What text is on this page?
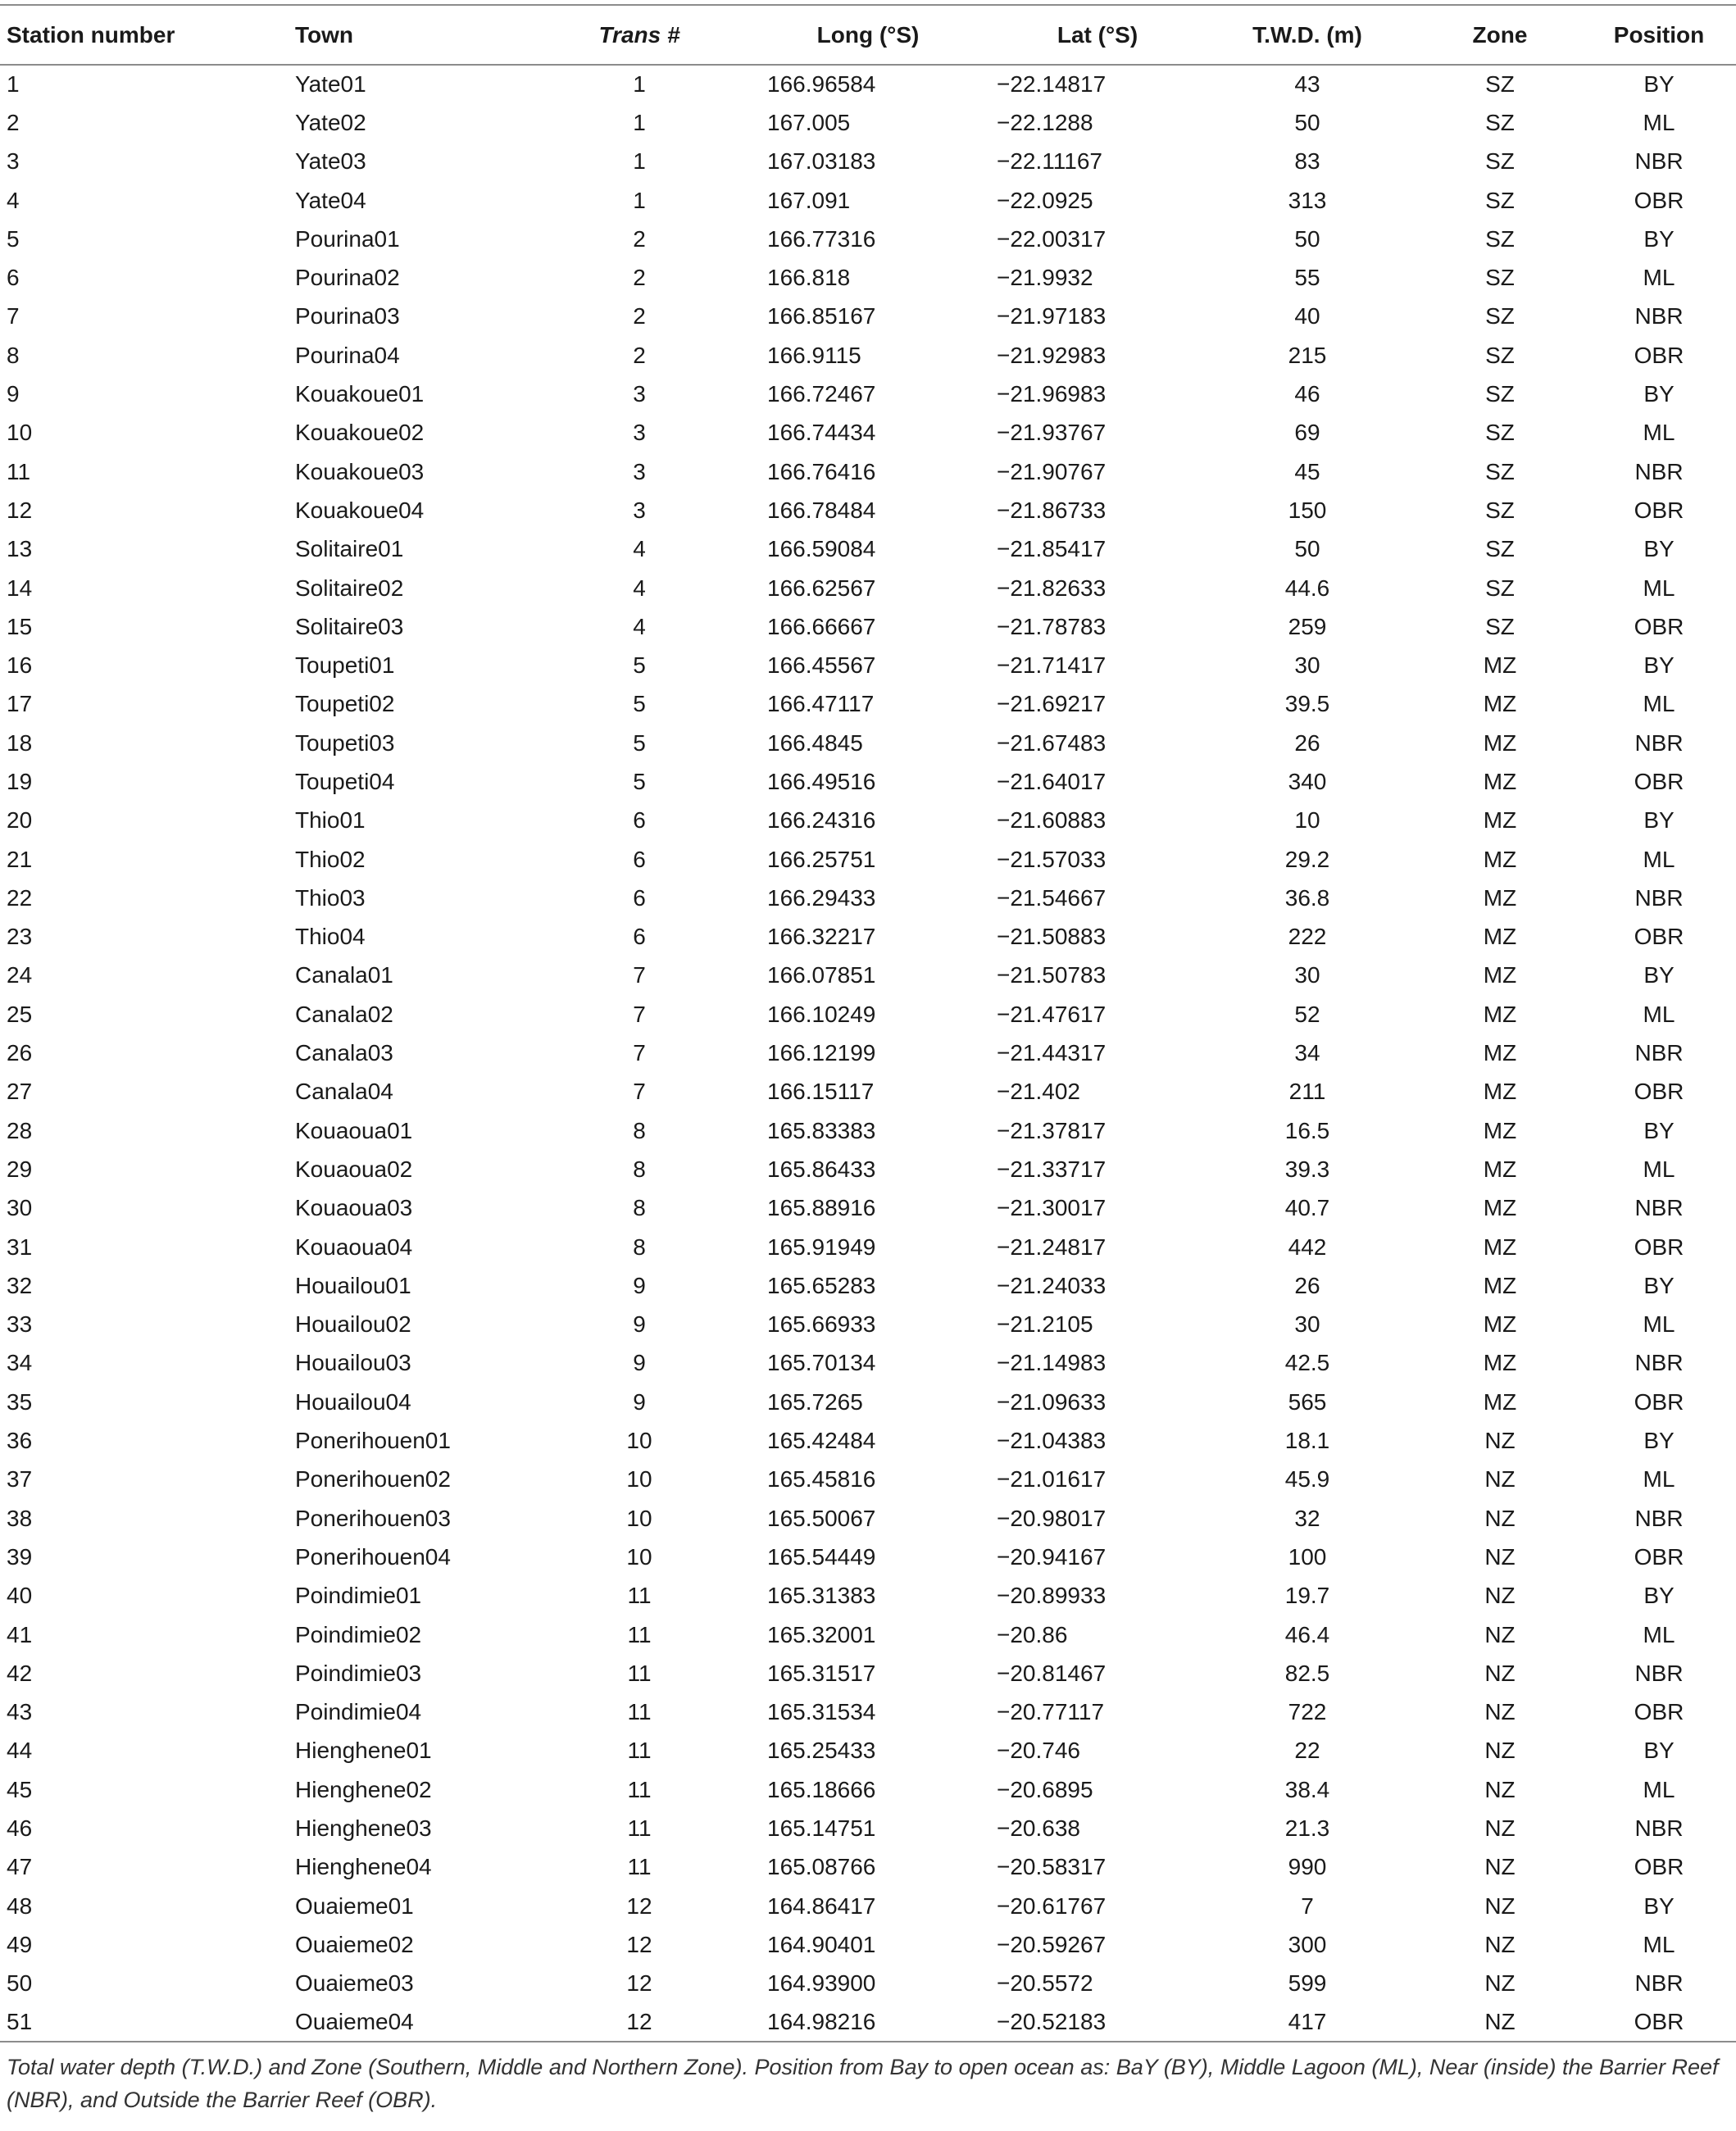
Station number	Town	Trans #	Long (°S)	Lat (°S)	T.W.D. (m)	Zone	Position
1	Yate01	1	166.96584	−22.14817	43	SZ	BY
2	Yate02	1	167.005	−22.1288	50	SZ	ML
3	Yate03	1	167.03183	−22.11167	83	SZ	NBR
4	Yate04	1	167.091	−22.0925	313	SZ	OBR
5	Pourina01	2	166.77316	−22.00317	50	SZ	BY
6	Pourina02	2	166.818	−21.9932	55	SZ	ML
7	Pourina03	2	166.85167	−21.97183	40	SZ	NBR
8	Pourina04	2	166.9115	−21.92983	215	SZ	OBR
9	Kouakoue01	3	166.72467	−21.96983	46	SZ	BY
10	Kouakoue02	3	166.74434	−21.93767	69	SZ	ML
11	Kouakoue03	3	166.76416	−21.90767	45	SZ	NBR
12	Kouakoue04	3	166.78484	−21.86733	150	SZ	OBR
13	Solitaire01	4	166.59084	−21.85417	50	SZ	BY
14	Solitaire02	4	166.62567	−21.82633	44.6	SZ	ML
15	Solitaire03	4	166.66667	−21.78783	259	SZ	OBR
16	Toupeti01	5	166.45567	−21.71417	30	MZ	BY
17	Toupeti02	5	166.47117	−21.69217	39.5	MZ	ML
18	Toupeti03	5	166.4845	−21.67483	26	MZ	NBR
19	Toupeti04	5	166.49516	−21.64017	340	MZ	OBR
20	Thio01	6	166.24316	−21.60883	10	MZ	BY
21	Thio02	6	166.25751	−21.57033	29.2	MZ	ML
22	Thio03	6	166.29433	−21.54667	36.8	MZ	NBR
23	Thio04	6	166.32217	−21.50883	222	MZ	OBR
24	Canala01	7	166.07851	−21.50783	30	MZ	BY
25	Canala02	7	166.10249	−21.47617	52	MZ	ML
26	Canala03	7	166.12199	−21.44317	34	MZ	NBR
27	Canala04	7	166.15117	−21.402	211	MZ	OBR
28	Kouaoua01	8	165.83383	−21.37817	16.5	MZ	BY
29	Kouaoua02	8	165.86433	−21.33717	39.3	MZ	ML
30	Kouaoua03	8	165.88916	−21.30017	40.7	MZ	NBR
31	Kouaoua04	8	165.91949	−21.24817	442	MZ	OBR
32	Houailou01	9	165.65283	−21.24033	26	MZ	BY
33	Houailou02	9	165.66933	−21.2105	30	MZ	ML
34	Houailou03	9	165.70134	−21.14983	42.5	MZ	NBR
35	Houailou04	9	165.7265	−21.09633	565	MZ	OBR
36	Ponerihouen01	10	165.42484	−21.04383	18.1	NZ	BY
37	Ponerihouen02	10	165.45816	−21.01617	45.9	NZ	ML
38	Ponerihouen03	10	165.50067	−20.98017	32	NZ	NBR
39	Ponerihouen04	10	165.54449	−20.94167	100	NZ	OBR
40	Poindimie01	11	165.31383	−20.89933	19.7	NZ	BY
41	Poindimie02	11	165.32001	−20.86	46.4	NZ	ML
42	Poindimie03	11	165.31517	−20.81467	82.5	NZ	NBR
43	Poindimie04	11	165.31534	−20.77117	722	NZ	OBR
44	Hienghene01	11	165.25433	−20.746	22	NZ	BY
45	Hienghene02	11	165.18666	−20.6895	38.4	NZ	ML
46	Hienghene03	11	165.14751	−20.638	21.3	NZ	NBR
47	Hienghene04	11	165.08766	−20.58317	990	NZ	OBR
48	Ouaieme01	12	164.86417	−20.61767	7	NZ	BY
49	Ouaieme02	12	164.90401	−20.59267	300	NZ	ML
50	Ouaieme03	12	164.93900	−20.5572	599	NZ	NBR
51	Ouaieme04	12	164.98216	−20.52183	417	NZ	OBR
Total water depth (T.W.D.) and Zone (Southern, Middle and Northern Zone). Position from Bay to open ocean as: BaY (BY), Middle Lagoon (ML), Near (inside) the Barrier Reef (NBR), and Outside the Barrier Reef (OBR).
